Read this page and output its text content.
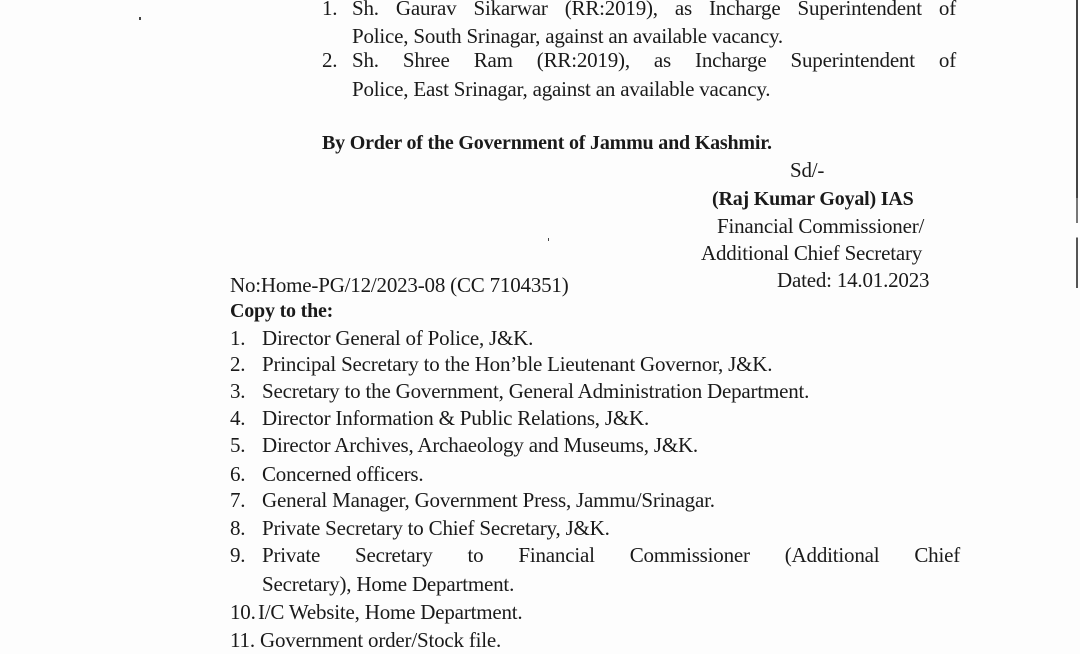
1. Sh. Gaurav Sikarwar (RR:2019), as Incharge Superintendent of
Police, South Srinagar, against an available vacancy.
2. Sh. Shree Ram (RR:2019), as Incharge Superintendent of
Police, East Srinagar, against an available vacancy.
By Order of the Government of Jammu and Kashmir.
Sd/-
(Raj Kumar Goyal) IAS
Financial Commissioner/
Additional Chief Secretary
Dated: 14.01.2023
No:Home-PG/12/2023-08 (CC 7104351)
Copy to the:
1. Director General of Police, J&K.
2. Principal Secretary to the Hon’ble Lieutenant Governor, J&K.
3. Secretary to the Government, General Administration Department.
4. Director Information & Public Relations, J&K.
5. Director Archives, Archaeology and Museums, J&K.
6. Concerned officers.
7. General Manager, Government Press, Jammu/Srinagar.
8. Private Secretary to Chief Secretary, J&K.
9. Private Secretary to Financial Commissioner (Additional Chief
Secretary), Home Department.
10. I/C Website, Home Department.
11. Government order/Stock file.
